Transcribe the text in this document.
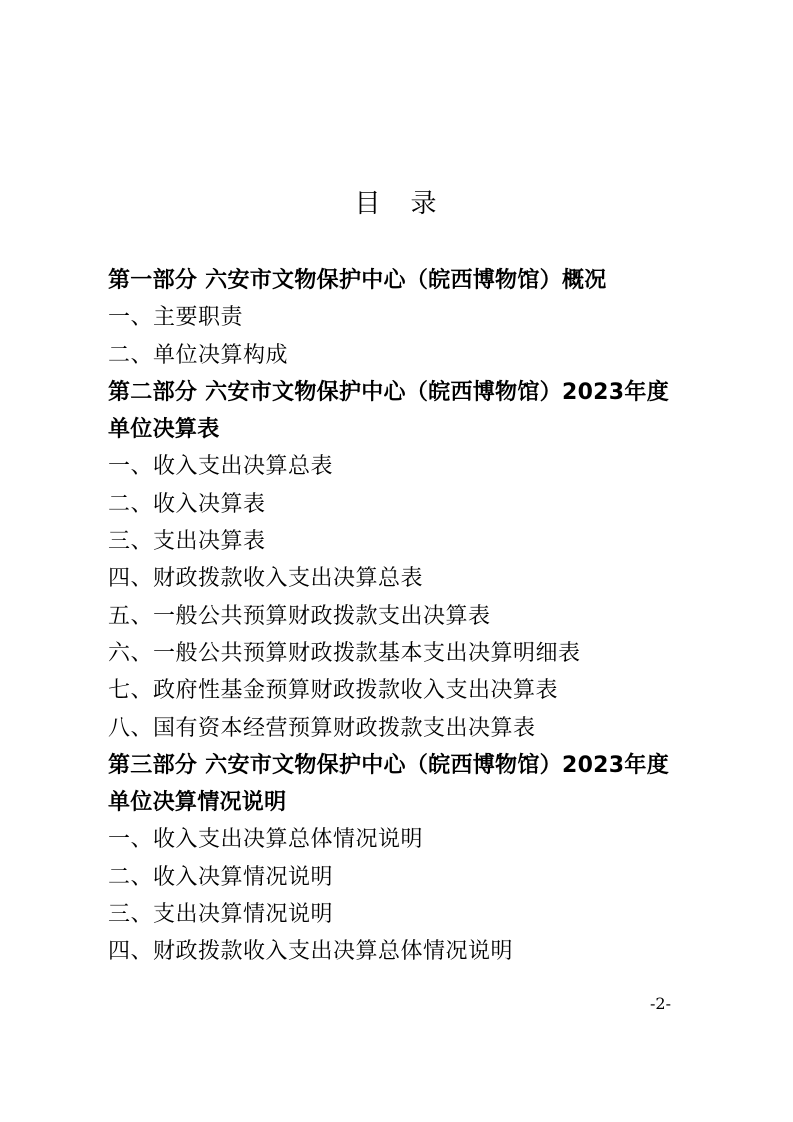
目　录
第一部分 六安市文物保护中心（皖西博物馆）概况
一、主要职责
二、单位决算构成
第二部分 六安市文物保护中心（皖西博物馆）2023年度
单位决算表
一、收入支出决算总表
二、收入决算表
三、支出决算表
四、财政拨款收入支出决算总表
五、一般公共预算财政拨款支出决算表
六、一般公共预算财政拨款基本支出决算明细表
七、政府性基金预算财政拨款收入支出决算表
八、国有资本经营预算财政拨款支出决算表
第三部分 六安市文物保护中心（皖西博物馆）2023年度
单位决算情况说明
一、收入支出决算总体情况说明
二、收入决算情况说明
三、支出决算情况说明
四、财政拨款收入支出决算总体情况说明
-2-
